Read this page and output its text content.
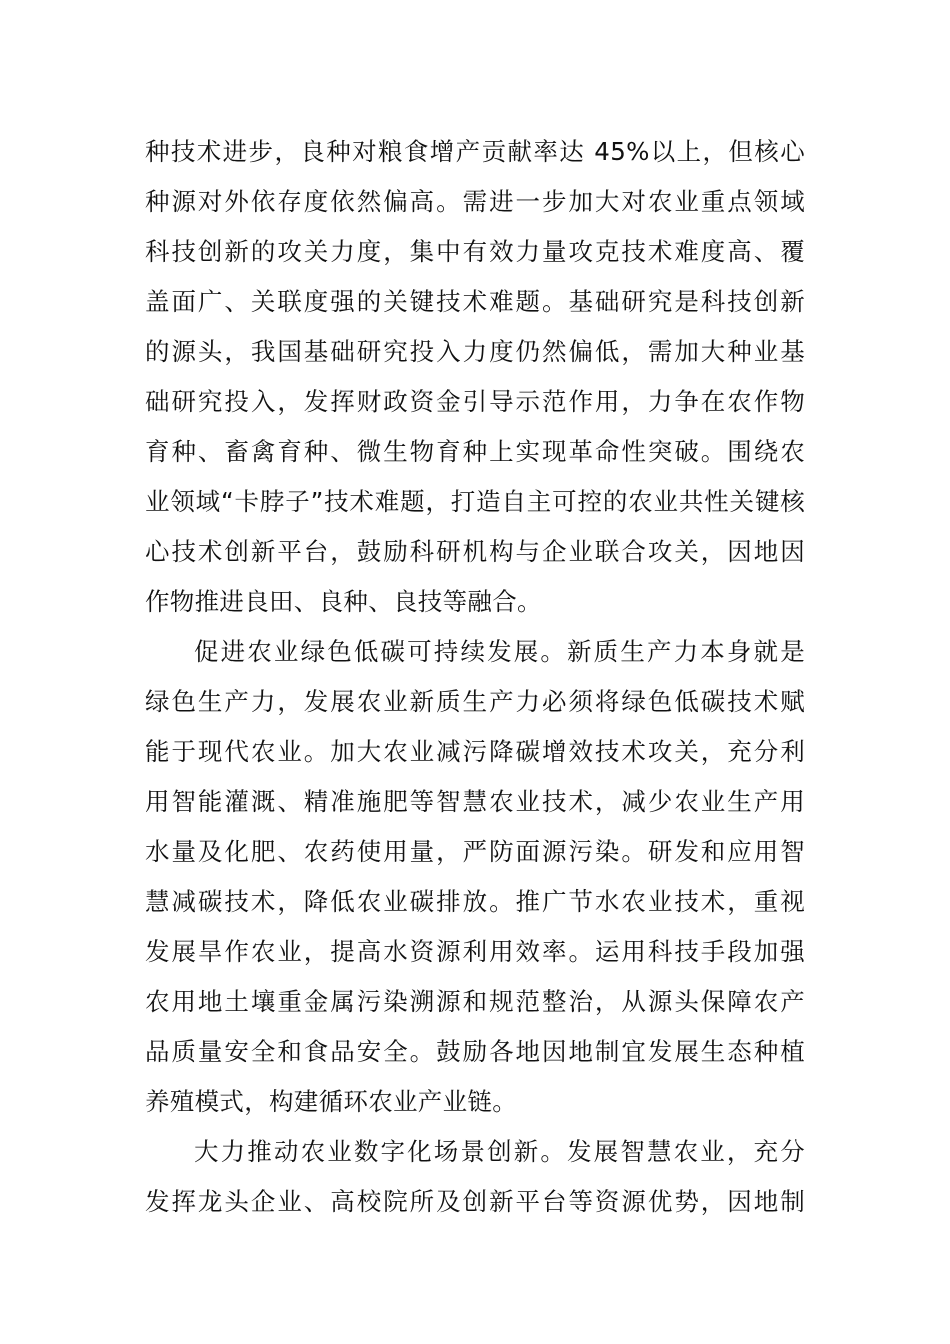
种技术进步，良种对粮食增产贡献率达 45%以上，但核心
种源对外依存度依然偏高。需进一步加大对农业重点领域
科技创新的攻关力度，集中有效力量攻克技术难度高、覆
盖面广、关联度强的关键技术难题。基础研究是科技创新
的源头，我国基础研究投入力度仍然偏低，需加大种业基
础研究投入，发挥财政资金引导示范作用，力争在农作物
育种、畜禽育种、微生物育种上实现革命性突破。围绕农
业领域“卡脖子”技术难题，打造自主可控的农业共性关键核
心技术创新平台，鼓励科研机构与企业联合攻关，因地因
作物推进良田、良种、良技等融合。
促进农业绿色低碳可持续发展。新质生产力本身就是
绿色生产力，发展农业新质生产力必须将绿色低碳技术赋
能于现代农业。加大农业减污降碳增效技术攻关，充分利
用智能灌溉、精准施肥等智慧农业技术，减少农业生产用
水量及化肥、农药使用量，严防面源污染。研发和应用智
慧减碳技术，降低农业碳排放。推广节水农业技术，重视
发展旱作农业，提高水资源利用效率。运用科技手段加强
农用地土壤重金属污染溯源和规范整治，从源头保障农产
品质量安全和食品安全。鼓励各地因地制宜发展生态种植
养殖模式，构建循环农业产业链。
大力推动农业数字化场景创新。发展智慧农业，充分
发挥龙头企业、高校院所及创新平台等资源优势，因地制
